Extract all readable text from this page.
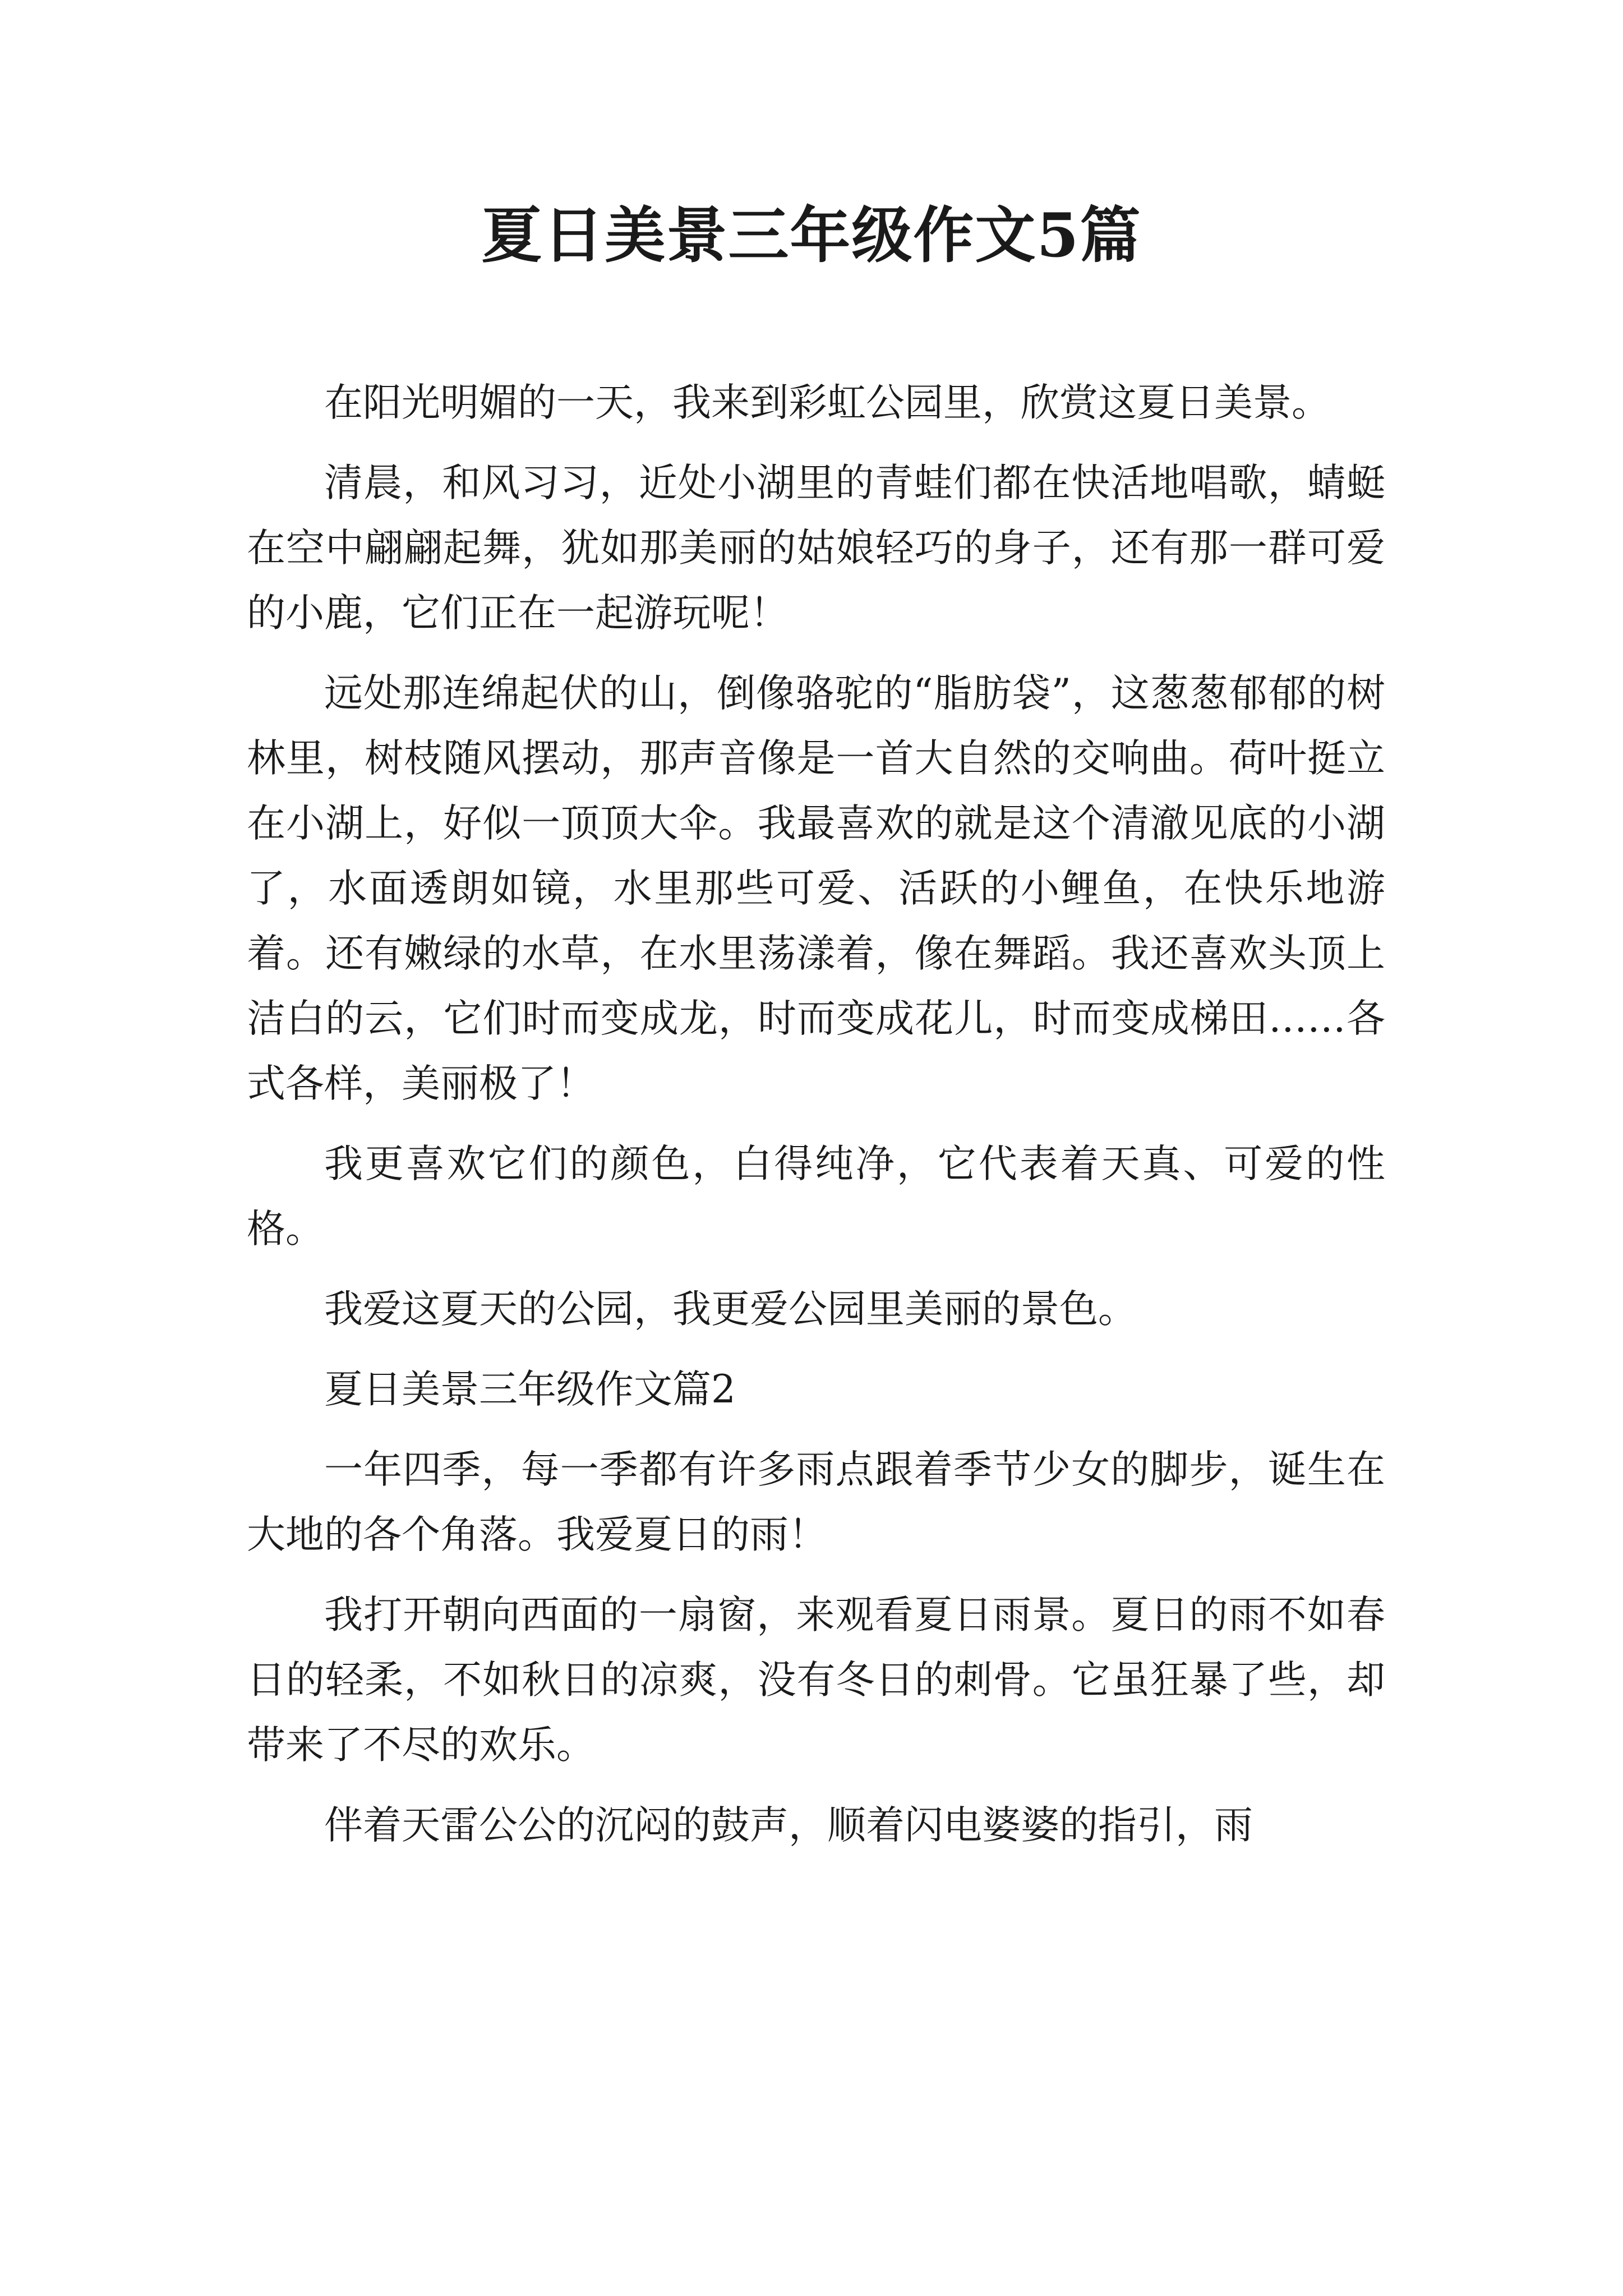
夏日美景三年级作文5篇

在阳光明媚的一天，我来到彩虹公园里，欣赏这夏日美景。

清晨，和风习习，近处小湖里的青蛙们都在快活地唱歌，蜻蜓在空中翩翩起舞，犹如那美丽的姑娘轻巧的身子，还有那一群可爱的小鹿，它们正在一起游玩呢！

远处那连绵起伏的山，倒像骆驼的“脂肪袋”，这葱葱郁郁的树林里，树枝随风摆动，那声音像是一首大自然的交响曲。荷叶挺立在小湖上，好似一顶顶大伞。我最喜欢的就是这个清澈见底的小湖了，水面透朗如镜，水里那些可爱、活跃的小鲤鱼，在快乐地游着。还有嫩绿的水草，在水里荡漾着，像在舞蹈。我还喜欢头顶上洁白的云，它们时而变成龙，时而变成花儿，时而变成梯田……各式各样，美丽极了！

我更喜欢它们的颜色，白得纯净，它代表着天真、可爱的性格。

我爱这夏天的公园，我更爱公园里美丽的景色。

夏日美景三年级作文篇2

一年四季，每一季都有许多雨点跟着季节少女的脚步，诞生在大地的各个角落。我爱夏日的雨！

我打开朝向西面的一扇窗，来观看夏日雨景。夏日的雨不如春日的轻柔，不如秋日的凉爽，没有冬日的刺骨。它虽狂暴了些，却带来了不尽的欢乐。

伴着天雷公公的沉闷的鼓声，顺着闪电婆婆的指引，雨
